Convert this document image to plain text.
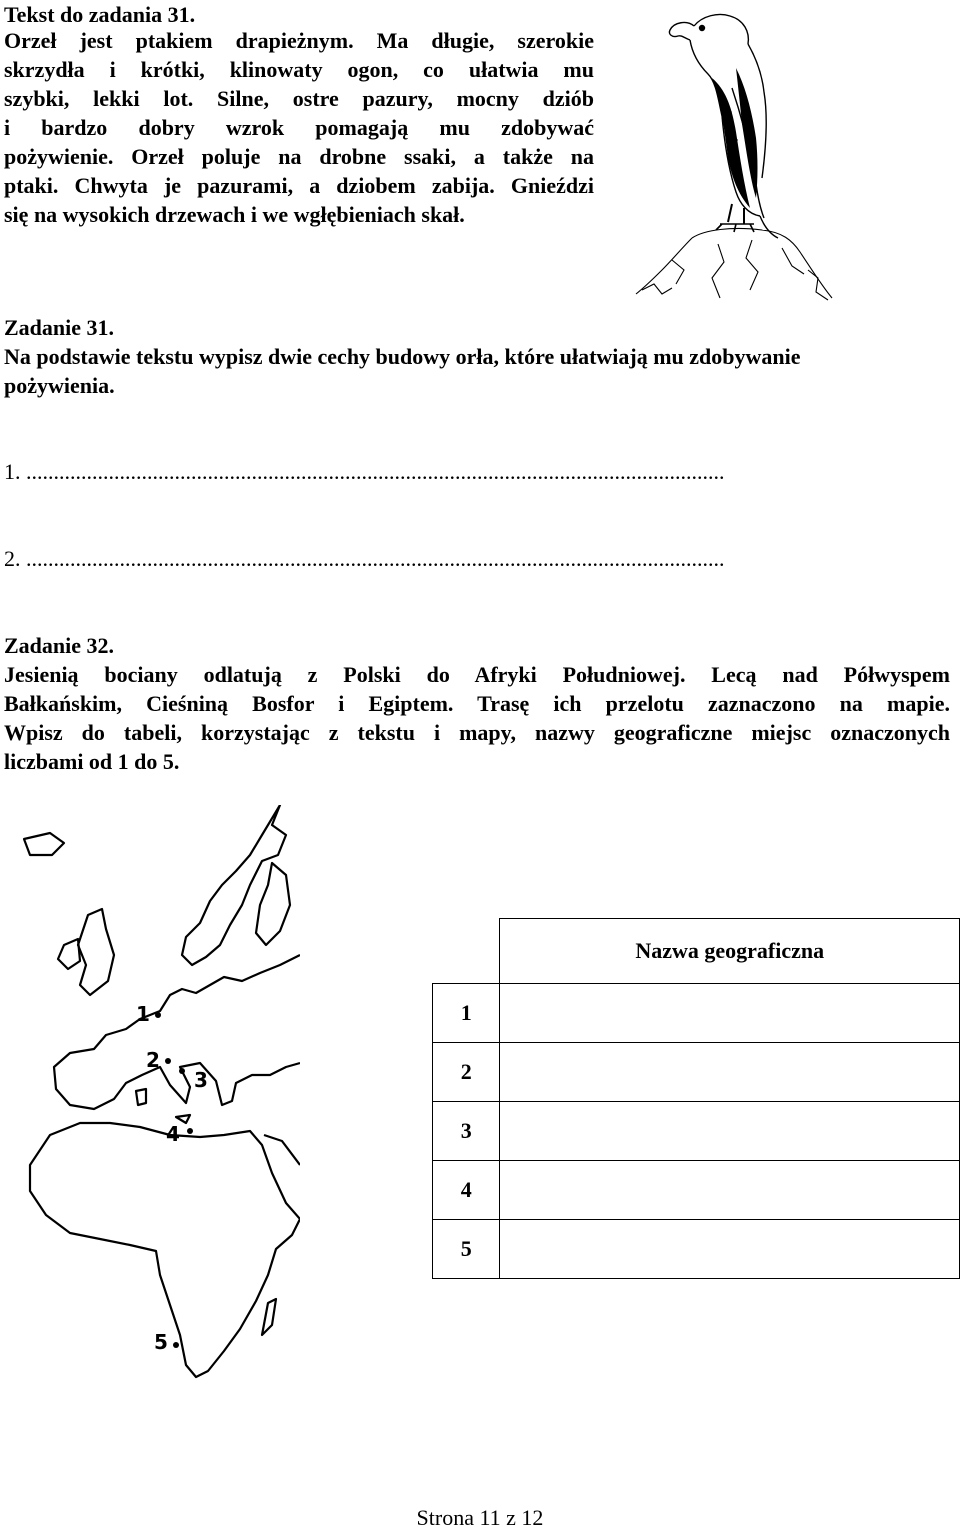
Tekst do zadania 31.
Orzeł jest ptakiem drapieżnym. Ma długie, szerokie
skrzydła i krótki, klinowaty ogon, co ułatwia mu
szybki, lekki lot. Silne, ostre pazury, mocny dziób
i bardzo dobry wzrok pomagają mu zdobywać
pożywienie. Orzeł poluje na drobne ssaki, a także na
ptaki. Chwyta je pazurami, a dziobem zabija. Gnieździ
się na wysokich drzewach i we wgłębieniach skał.
Zadanie 31.
Na podstawie tekstu wypisz dwie cechy budowy orła, które ułatwiają mu zdobywanie
pożywienia.
1. ...............................................................................................................................
2. ...............................................................................................................................
Zadanie 32.
Jesienią bociany odlatują z Polski do Afryki Południowej. Lecą nad Półwyspem
Bałkańskim, Cieśniną Bosfor i Egiptem. Trasę ich przelotu zaznaczono na mapie.
Wpisz do tabeli, korzystając z tekstu i mapy, nazwy geograficzne miejsc oznaczonych
liczbami od 1 do 5.
1
2
3
4
5
	Nazwa geograficzna
1	
2	
3	
4	
5	
Strona 11 z 12
